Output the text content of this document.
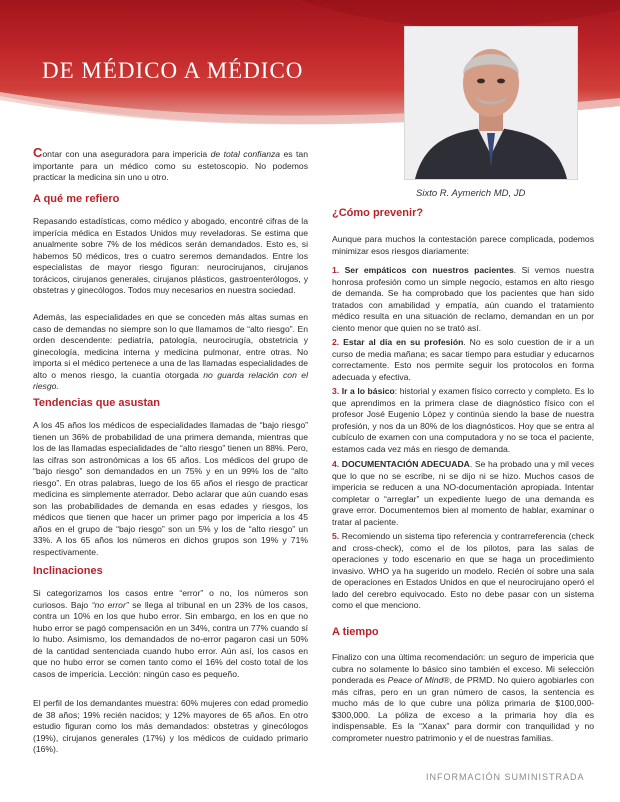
DE MÉDICO A MÉDICO
Sixto R. Aymerich MD, JD

Contar con una aseguradora para impericia de total confianza es tan importante para un médico como su estetoscopio. No podemos practicar la medicina sin uno u otro.

A qué me refiero

Repasando estadísticas, como médico y abogado, encontré cifras de la imperícia médica en Estados Unidos muy reveladoras. Se estima que anualmente sobre 7% de los médicos serán demandados. Esto es, si habemos 50 médicos, tres o cuatro seremos demandados. Entre los especialistas de mayor riesgo figuran: neurocirujanos, cirujanos torácicos, cirujanos generales, cirujanos plásticos, gastroenterólogos, y obstetras y ginecólogos. Todos muy necesarios en nuestra sociedad.

Además, las especialidades en que se conceden más altas sumas en caso de demandas no siempre son lo que llamamos de “alto riesgo”. En orden descendente: pediatría, patología, neurocirugía, obstetricia y ginecología, medicina interna y medicina pulmonar, entre otras. No importa si el médico pertenece a una de las llamadas especialidades de alto o menos riesgo, la cuantía otorgada no guarda relación con el riesgo.

Tendencias que asustan

A los 45 años los médicos de especialidades llamadas de “bajo riesgo” tienen un 36% de probabilidad de una primera demanda, mientras que los de las llamadas especialidades de “alto riesgo” tienen un 88%. Pero, las cifras son astronómicas a los 65 años. Los médicos del grupo de “bajo riesgo” son demandados en un 75% y en un 99% los de “alto riesgo”. En otras palabras, luego de los 65 años el riesgo de practicar medicina es simplemente aterrador. Debo aclarar que aún cuando esas son las probabilidades de demanda en esas edades y riesgos, los médicos que tienen que hacer un primer pago por impericia a los 45 años en el grupo de “bajo riesgo” son un 5% y los de “alto riesgo” un 33%. A los 65 años los números en dichos grupos son 19% y 71% respectivamente.

Inclinaciones

Si categorizamos los casos entre “error” o no, los números son curiosos. Bajo “no error” se llega al tribunal en un 23% de los casos, contra un 10% en los que hubo error. Sin embargo, en los en que no hubo error se pagó compensación en un 34%, contra un 77% cuando sí lo hubo. Asimismo, los demandados de no-error pagaron casi un 50% de la cantidad sentenciada cuando hubo error. Aún así, los casos en que no hubo error se comen tanto como el 16% del costo total de los casos de impericia. Lección: ningún caso es pequeño.

El perfil de los demandantes muestra: 60% mujeres con edad promedio de 38 años; 19% recién nacidos; y 12% mayores de 65 años. En otro estudio figuran como los más demandados: obstetras y ginecólogos (19%), cirujanos generales (17%) y los médicos de cuidado primario (16%).

¿Cómo prevenir?

Aunque para muchos la contestación parece complicada, podemos minimizar esos riesgos diariamente:

1. Ser empáticos con nuestros pacientes. Si vemos nuestra honrosa profesión como un simple negocio, estamos en alto riesgo de demanda. Se ha comprobado que los pacientes que han sido tratados con amabilidad y empatía, aún cuando el tratamiento médico resulta en una situación de reclamo, demandan en un por ciento menor que quien no se trató así.

2. Estar al día en su profesión. No es solo cuestion de ir a un curso de media mañana; es sacar tiempo para estudiar y educarnos correctamente. Esto nos permite seguir los protocolos en forma adecuada y efectiva.

3. Ir a lo básico: historial y examen físico correcto y completo. Es lo que aprendimos en la primera clase de diagnóstico físico con el profesor José Eugenio López y continúa siendo la base de nuestra profesión, y nos da un 80% de los diagnósticos. Hoy que se entra al cubículo de examen con una computadora y no se toca el paciente, estamos cada vez más en riesgo de demanda.

4. DOCUMENTACIÓN ADECUADA. Se ha probado una y mil veces que lo que no se escribe, ni se dijo ni se hizo. Muchos casos de impericia se reducen a una NO-documentación apropiada. Intentar completar o “arreglar” un expediente luego de una demanda es grave error. Documentemos bien al momento de hablar, examinar o tratar al paciente.

5. Recomiendo un sistema tipo referencia y contrarreferencia (check and cross-check), como el de los pilotos, para las salas de operaciones y todo escenario en que se haga un procedimiento invasivo. WHO ya ha sugerido un modelo. Recién oí sobre una sala de operaciones en Estados Unidos en que el neurocirujano operó el lado del cerebro equivocado. Esto no debe pasar con un sistema como el que menciono.

A tiempo

Finalizo con una última recomendación: un seguro de impericia que cubra no solamente lo básico sino también el exceso. Mi selección ponderada es Peace of Mind®, de PRMD. No quiero agobiarles con más cifras, pero en un gran número de casos, la sentencia es mucho más de lo que cubre una póliza primaria de $100,000- $300,000. La póliza de exceso a la primaria hoy día es indispensable. Es la “Xanax” para dormir con tranquilidad y no comprometer nuestro patrimonio y el de nuestras familias.

INFORMACIÓN SUMINISTRADA
